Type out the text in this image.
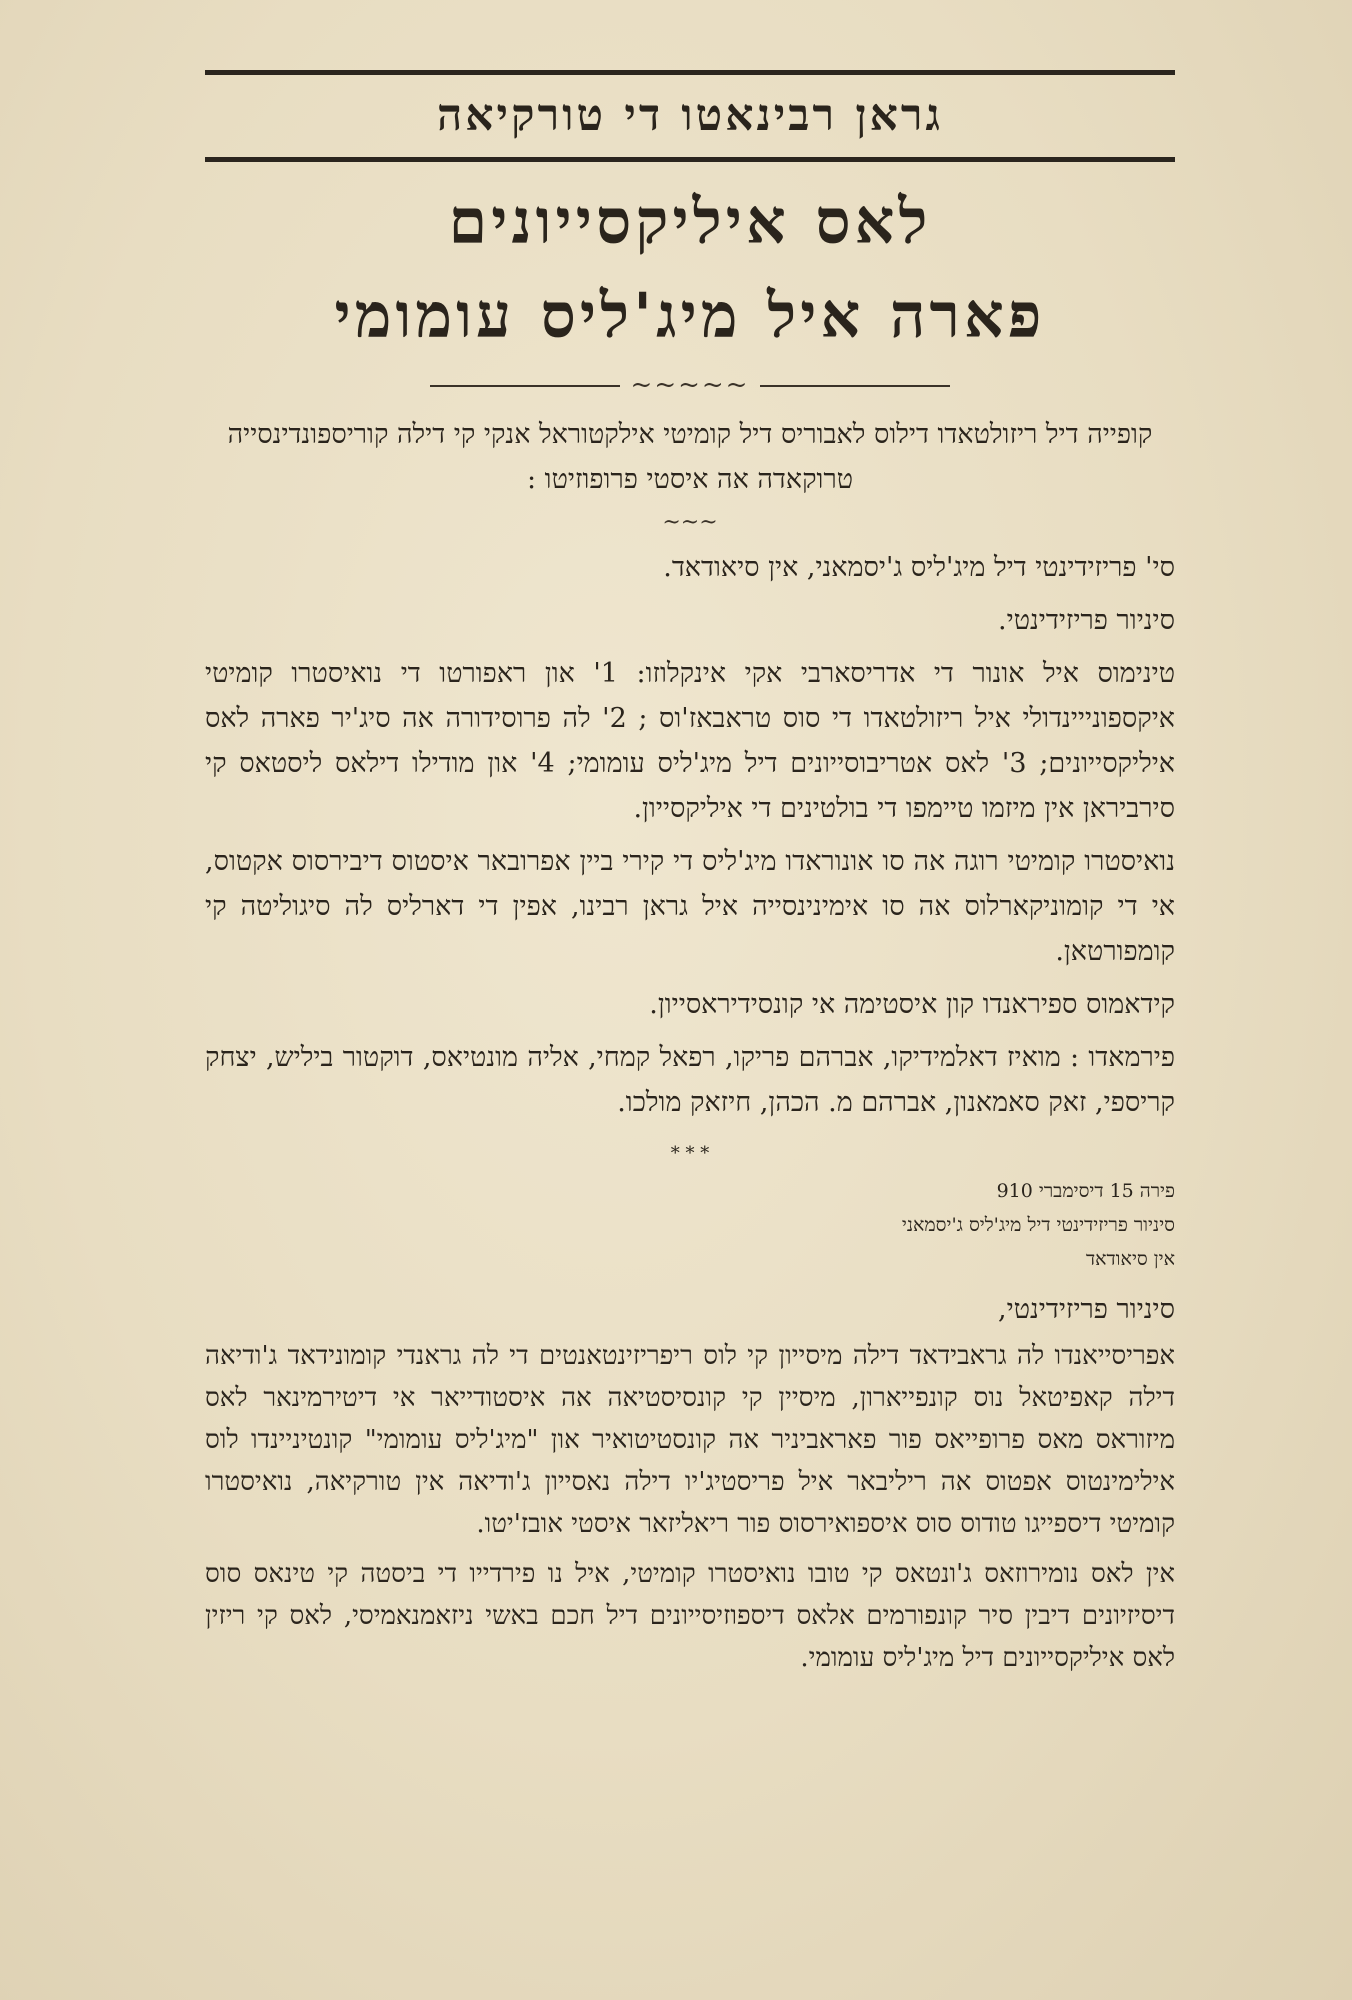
גראן רבינאטו די טורקיאה
לאס איליקסייונים
פארה איל מיג'ליס עומומי
~~~~~

קופייה דיל ריזולטאדו דילוס לאבוריס דיל קומיטי אילקטוראל אנקי קי דילה קוריספונדינסייה טרוקאדה אה איסטי פרופוזיטו :

~~~

סי' פריזידינטי דיל מיג'ליס ג'יסמאני, אין סיאודאד.

סיניור פריזידינטי.

טינימוס איל אונור די אדריסארבי אקי אינקלוזו: 1' און ראפורטו די נואיסטרו קומיטי איקספונייינדולי איל ריזולטאדו די סוס טראבאז'וס ; 2' לה פרוסידורה אה סיג'יר פארה לאס איליקסייונים; 3' לאס אטריבוסייונים דיל מיג'ליס עומומי; 4' און מודילו דילאס ליסטאס קי סירביראן אין מיזמו טיימפו די בולטינים די איליקסייון.

נואיסטרו קומיטי רוגה אה סו אונוראדו מיג'ליס די קירי ביין אפרובאר איסטוס דיבירסוס אקטוס, אי די קומוניקארלוס אה סו אימינינסייה איל גראן רבינו, אפין די דארליס לה סיגוליטה קי קומפורטאן.

קידאמוס ספיראנדו קון איסטימה אי קונסידיראסייון.

פירמאדו : מואיז דאלמידיקו, אברהם פריקו, רפאל קמחי, אליה מונטיאס, דוקטור ביליש, יצחק קריספי, זאק סאמאנון, אברהם מ. הכהן, חיזאק מולכו.

* * *
פירה 15 דיסימברי 910
סיניור פריזידינטי דיל מיג'ליס ג'יסמאני
אין סיאודאד
סיניור פריזידינטי,

אפריסייאנדו לה גראבידאד דילה מיסייון קי לוס ריפריזינטאנטים די לה גראנדי קומונידאד ג'ודיאה דילה קאפיטאל נוס קונפייארון, מיסיין קי קונסיסטיאה אה איסטודייאר אי דיטירמינאר לאס מיזוראס מאס פרופייאס פור פאראביניר אה קונסטיטואיר און "מיג'ליס עומומי" קונטיניינדו לוס אילימינטוס אפטוס אה ריליבאר איל פריסטיג'יו דילה נאסייון ג'ודיאה אין טורקיאה, נואיסטרו קומיטי דיספייגו טודוס סוס איספואירסוס פור ריאליזאר איסטי אובז'יטו.

אין לאס נומירוזאס ג'ונטאס קי טובו נואיסטרו קומיטי, איל נו פירדייו די ביסטה קי טינאס סוס דיסיזיונים דיבין סיר קונפורמים אלאס דיספוזיסייונים דיל חכם באשי ניזאמנאמיסי, לאס קי ריזין לאס איליקסייונים דיל מיג'ליס עומומי.
